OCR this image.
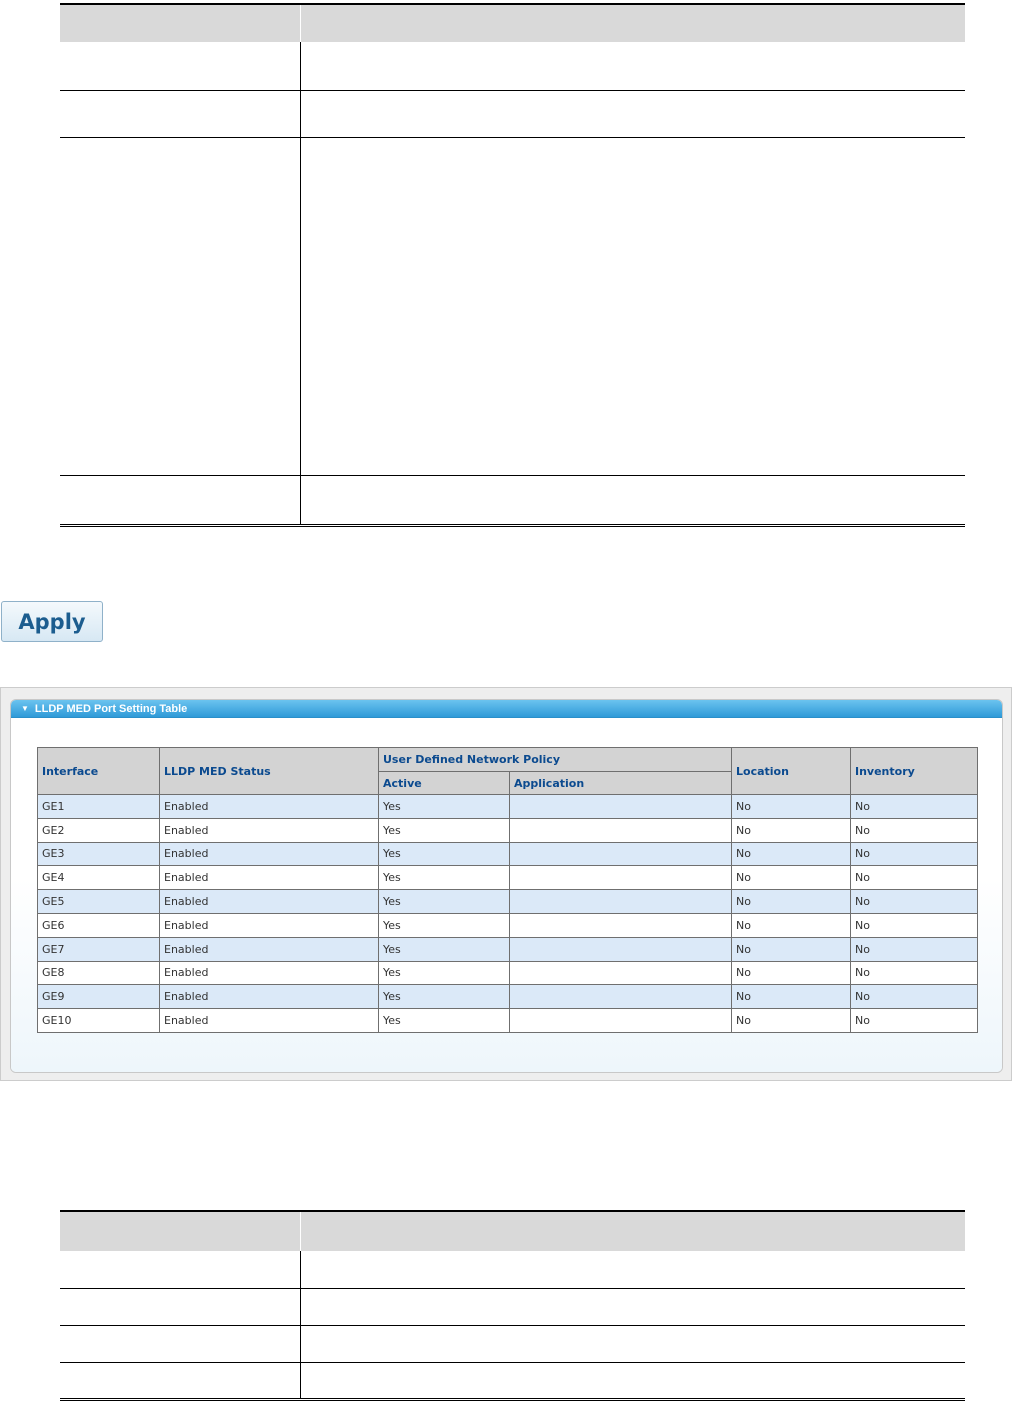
Apply
▼ LLDP MED Port Setting Table
Interface	LLDP MED Status	User Defined Network Policy		Location	Inventory
		Active	Application		
GE1	Enabled	Yes		No	No
GE2	Enabled	Yes		No	No
GE3	Enabled	Yes		No	No
GE4	Enabled	Yes		No	No
GE5	Enabled	Yes		No	No
GE6	Enabled	Yes		No	No
GE7	Enabled	Yes		No	No
GE8	Enabled	Yes		No	No
GE9	Enabled	Yes		No	No
GE10	Enabled	Yes		No	No
